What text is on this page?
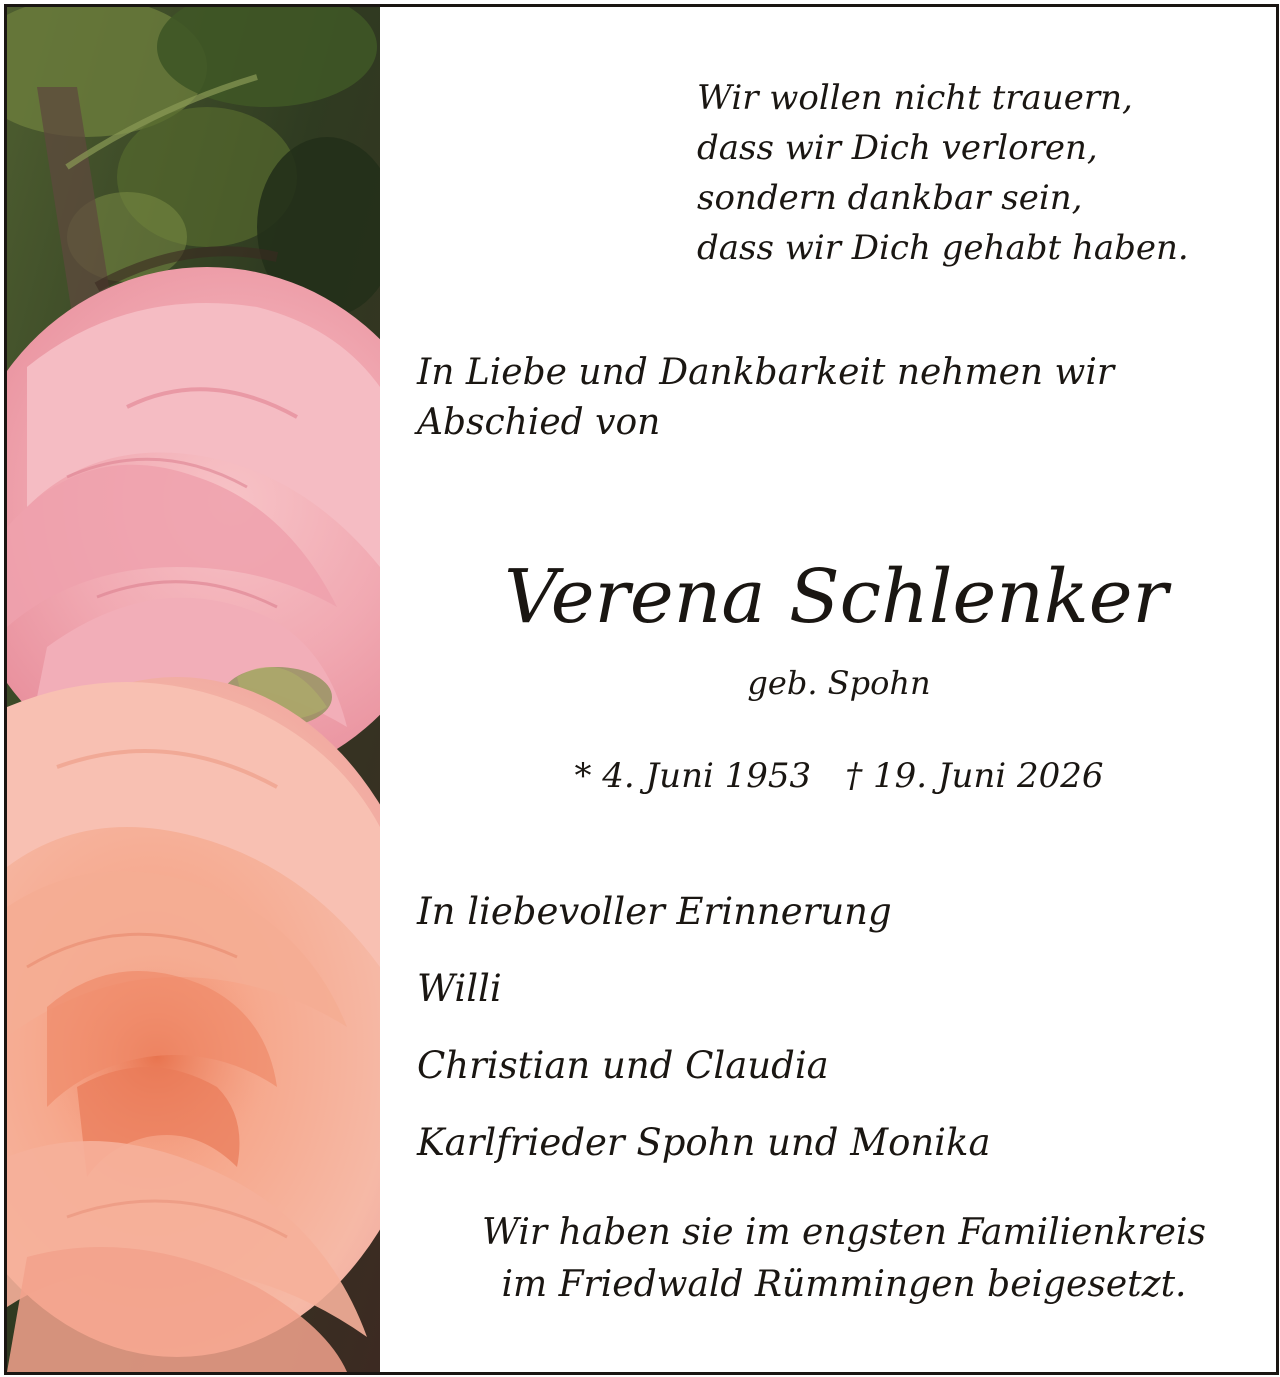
Wir wollen nicht trauern,
dass wir Dich verloren,
sondern dankbar sein,
dass wir Dich gehabt haben.
In Liebe und Dankbarkeit nehmen wir
Abschied von
Verena Schlenker
geb. Spohn
* 4. Juni 1953 † 19. Juni 2026
In liebevoller Erinnerung
Willi
Christian und Claudia
Karlfrieder Spohn und Monika
Wir haben sie im engsten Familienkreis
im Friedwald Rümmingen beigesetzt.
